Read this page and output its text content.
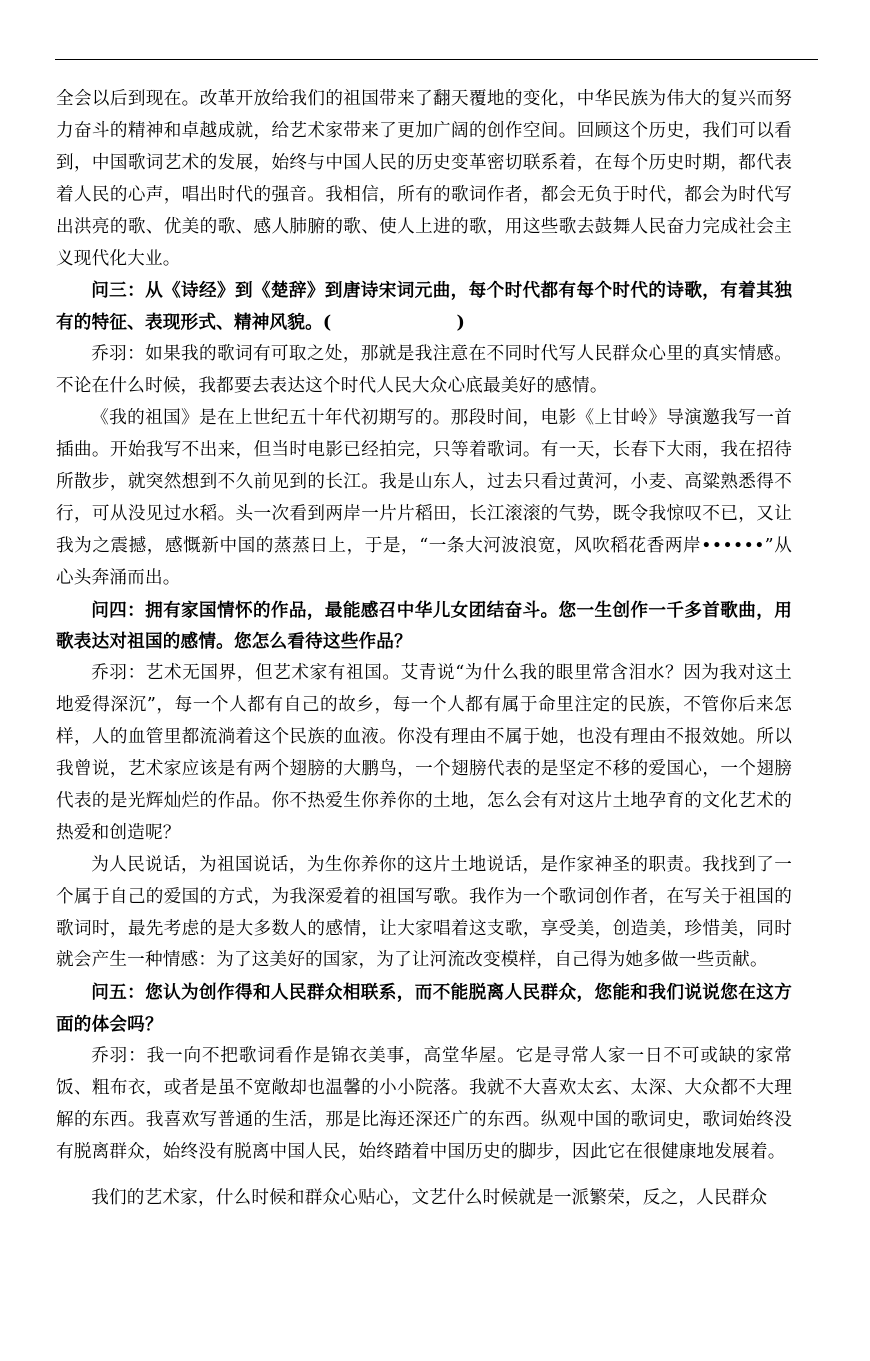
全会以后到现在。改革开放给我们的祖国带来了翻天覆地的变化，中华民族为伟大的复兴而努力奋斗的精神和卓越成就，给艺术家带来了更加广阔的创作空间。回顾这个历史，我们可以看到，中国歌词艺术的发展，始终与中国人民的历史变革密切联系着，在每个历史时期，都代表着人民的心声，唱出时代的强音。我相信，所有的歌词作者，都会无负于时代，都会为时代写出洪亮的歌、优美的歌、感人肺腑的歌、使人上进的歌，用这些歌去鼓舞人民奋力完成社会主义现代化大业。

问三：从《诗经》到《楚辞》到唐诗宋词元曲，每个时代都有每个时代的诗歌，有着其独有的特征、表现形式、精神风貌。(	)

乔羽：如果我的歌词有可取之处，那就是我注意在不同时代写人民群众心里的真实情感。不论在什么时候，我都要去表达这个时代人民大众心底最美好的感情。

《我的祖国》是在上世纪五十年代初期写的。那段时间，电影《上甘岭》导演邀我写一首插曲。开始我写不出来，但当时电影已经拍完，只等着歌词。有一天，长春下大雨，我在招待所散步，就突然想到不久前见到的长江。我是山东人，过去只看过黄河，小麦、高粱熟悉得不行，可从没见过水稻。头一次看到两岸一片片稻田，长江滚滚的气势，既令我惊叹不已，又让我为之震撼，感慨新中国的蒸蒸日上，于是，“一条大河波浪宽，风吹稻花香两岸••••••”从心头奔涌而出。

问四：拥有家国情怀的作品，最能感召中华儿女团结奋斗。您一生创作一千多首歌曲，用歌表达对祖国的感情。您怎么看待这些作品？

乔羽：艺术无国界，但艺术家有祖国。艾青说“为什么我的眼里常含泪水？因为我对这土地爱得深沉”，每一个人都有自己的故乡，每一个人都有属于命里注定的民族，不管你后来怎样，人的血管里都流淌着这个民族的血液。你没有理由不属于她，也没有理由不报效她。所以我曾说，艺术家应该是有两个翅膀的大鹏鸟，一个翅膀代表的是坚定不移的爱国心，一个翅膀代表的是光辉灿烂的作品。你不热爱生你养你的土地，怎么会有对这片土地孕育的文化艺术的热爱和创造呢？

为人民说话，为祖国说话，为生你养你的这片土地说话，是作家神圣的职责。我找到了一个属于自己的爱国的方式，为我深爱着的祖国写歌。我作为一个歌词创作者，在写关于祖国的歌词时，最先考虑的是大多数人的感情，让大家唱着这支歌，享受美，创造美，珍惜美，同时就会产生一种情感：为了这美好的国家，为了让河流改变模样，自己得为她多做一些贡献。

问五：您认为创作得和人民群众相联系，而不能脱离人民群众，您能和我们说说您在这方面的体会吗？

乔羽：我一向不把歌词看作是锦衣美事，高堂华屋。它是寻常人家一日不可或缺的家常饭、粗布衣，或者是虽不宽敞却也温馨的小小院落。我就不大喜欢太玄、太深、大众都不大理解的东西。我喜欢写普通的生活，那是比海还深还广的东西。纵观中国的歌词史，歌词始终没有脱离群众，始终没有脱离中国人民，始终踏着中国历史的脚步，因此它在很健康地发展着。

我们的艺术家，什么时候和群众心贴心，文艺什么时候就是一派繁荣，反之，人民群众
